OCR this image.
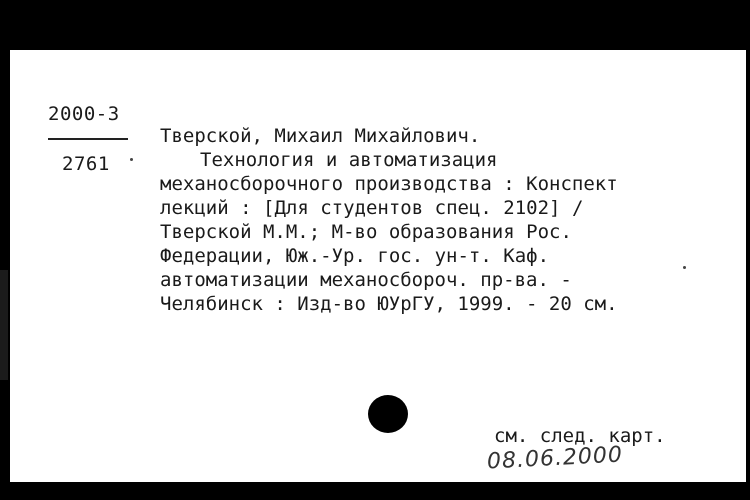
2000-3
2761
Тверской, Михаил Михайлович.
Технология и автоматизация
механосборочного производства : Конспект
лекций : [Для студентов спец. 2102] /
Тверской М.М.; М-во образования Рос.
Федерации, Юж.-Ур. гос. ун-т. Каф.
автоматизации механосбороч. пр-ва. -
Челябинск : Изд-во ЮУрГУ, 1999. - 20 см.
см. след. карт.
08.06.2000
